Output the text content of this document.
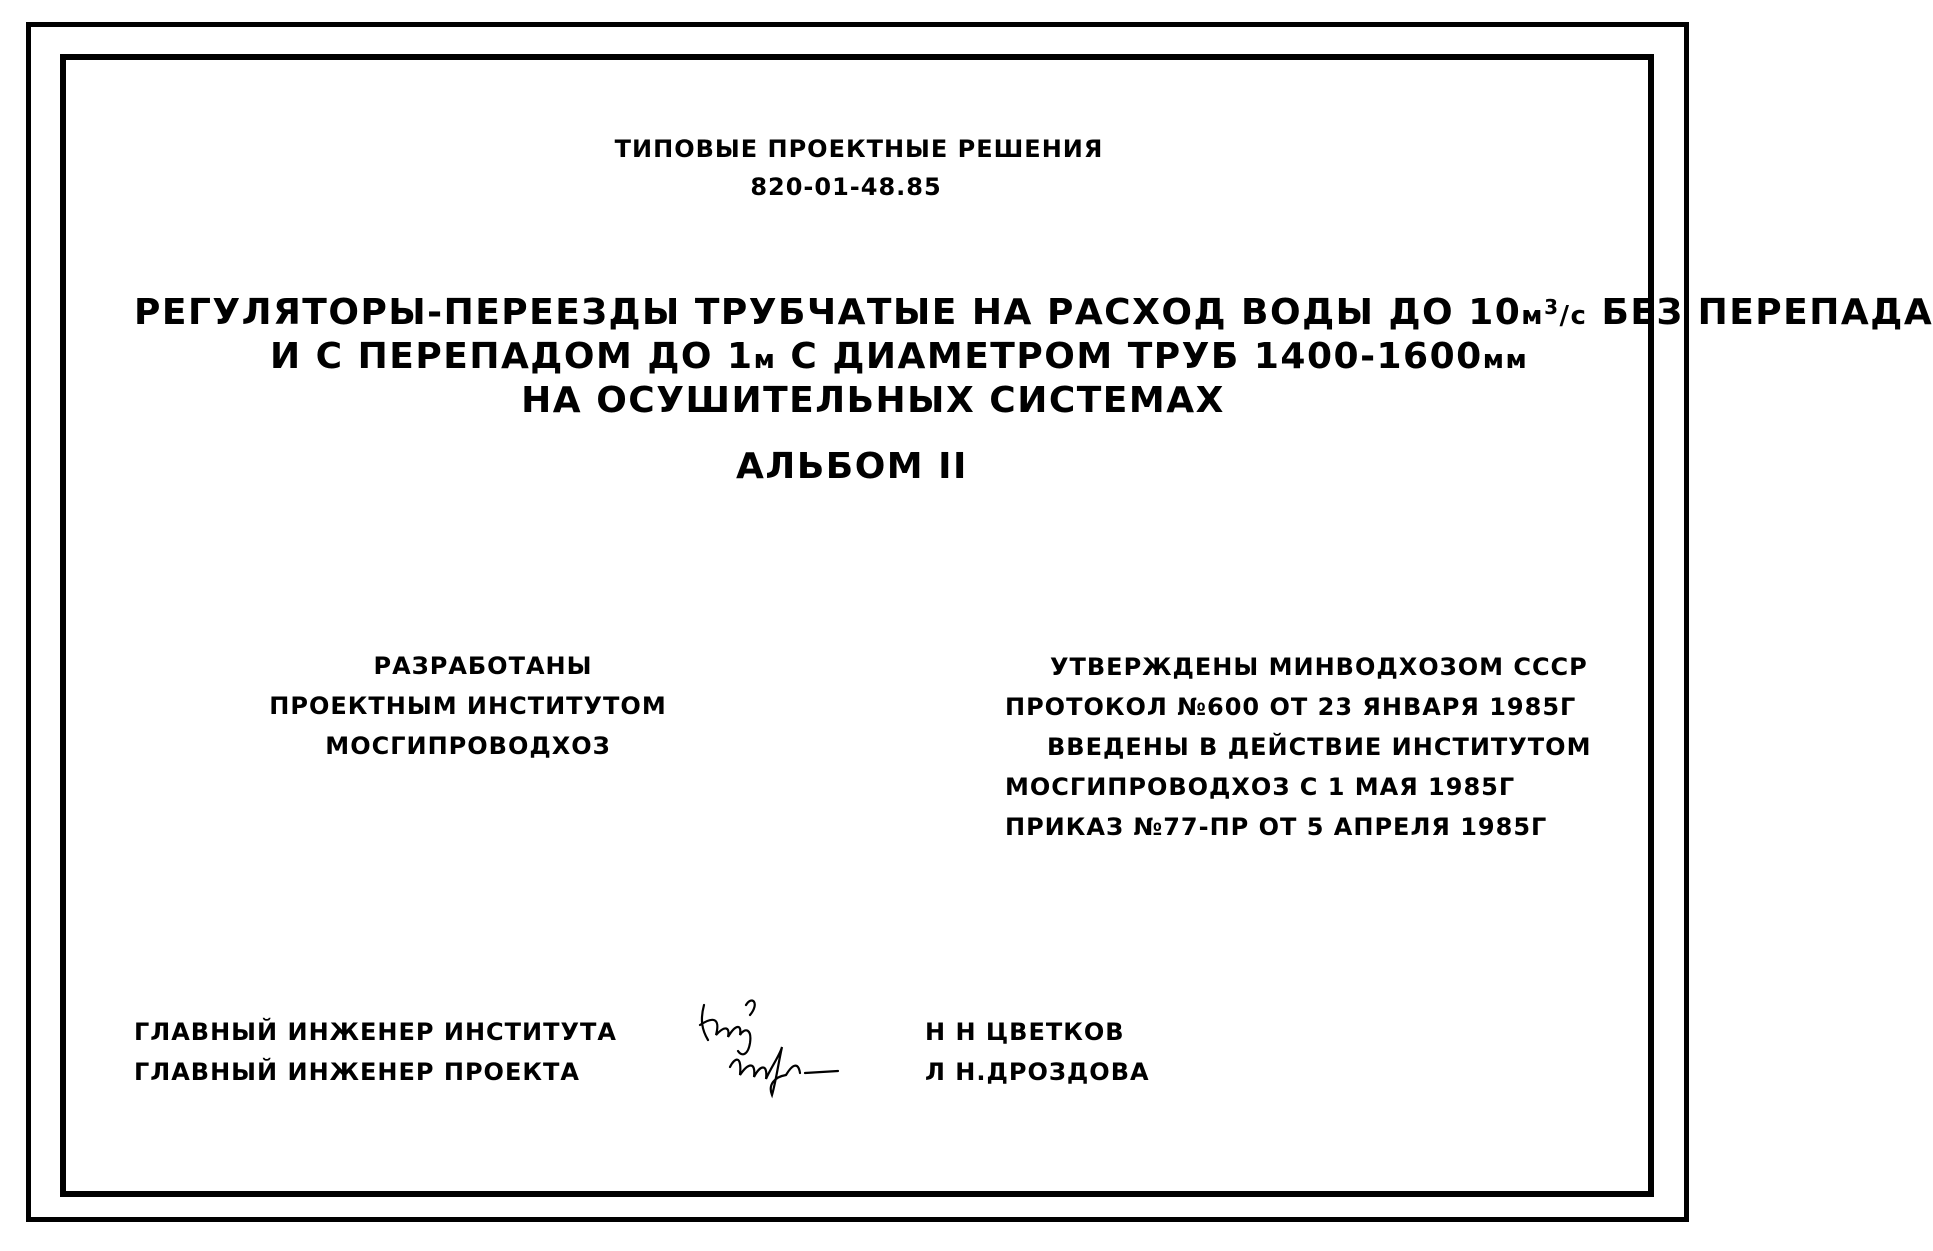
ТИПОВЫЕ ПРОЕКТНЫЕ РЕШЕНИЯ
820-01-48.85
РЕГУЛЯТОРЫ-ПЕРЕЕЗДЫ ТРУБЧАТЫЕ НА РАСХОД ВОДЫ ДО $10м^3/с$ БЕЗ ПЕРЕПАДА
И С ПЕРЕПАДОМ ДО 1м С ДИАМЕТРОМ ТРУБ 1400-1600мм
НА ОСУШИТЕЛЬНЫХ СИСТЕМАХ
АЛЬБОМ II
РАЗРАБОТАНЫ
ПРОЕКТНЫМ ИНСТИТУТОМ
МОСГИПРОВОДХОЗ
УТВЕРЖДЕНЫ МИНВОДХОЗОМ СССР
ПРОТОКОЛ №600 ОТ 23 ЯНВАРЯ 1985Г
ВВЕДЕНЫ В ДЕЙСТВИЕ ИНСТИТУТОМ
МОСГИПРОВОДХОЗ С 1 МАЯ 1985Г
ПРИКАЗ №77-ПР ОТ 5 АПРЕЛЯ 1985Г
ГЛАВНЫЙ ИНЖЕНЕР ИНСТИТУТА
ГЛАВНЫЙ ИНЖЕНЕР ПРОЕКТА
Н Н ЦВЕТКОВ
Л Н.ДРОЗДОВА
